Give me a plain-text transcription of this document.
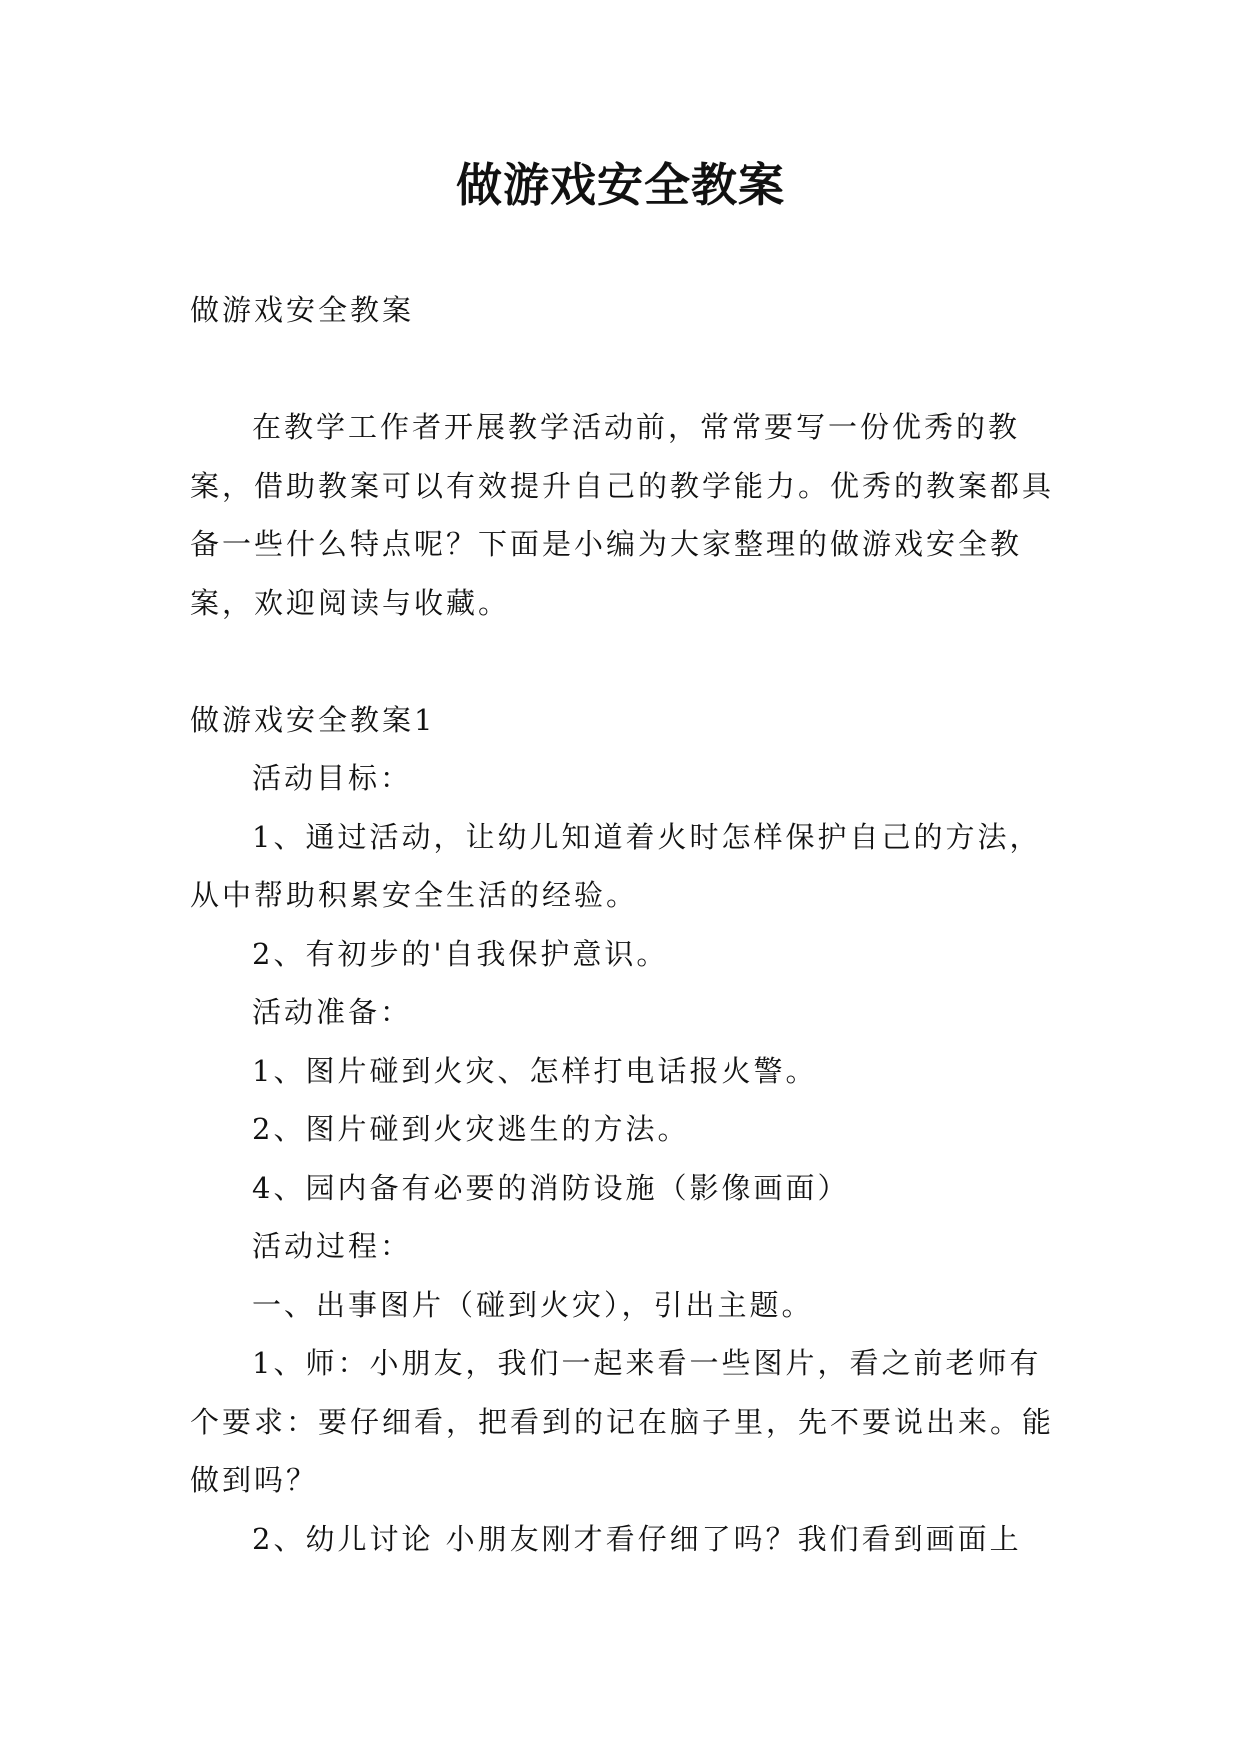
做游戏安全教案

做游戏安全教案

在教学工作者开展教学活动前，常常要写一份优秀的教案，借助教案可以有效提升自己的教学能力。优秀的教案都具备一些什么特点呢？下面是小编为大家整理的做游戏安全教案，欢迎阅读与收藏。

做游戏安全教案1

活动目标：

1、通过活动，让幼儿知道着火时怎样保护自己的方法，从中帮助积累安全生活的经验。

2、有初步的'自我保护意识。

活动准备：

1、图片碰到火灾、怎样打电话报火警。

2、图片碰到火灾逃生的方法。

4、园内备有必要的消防设施（影像画面）

活动过程：

一、出事图片（碰到火灾），引出主题。

1、师：小朋友，我们一起来看一些图片，看之前老师有个要求：要仔细看，把看到的记在脑子里，先不要说出来。能做到吗？

2、幼儿讨论 小朋友刚才看仔细了吗？我们看到画面上
